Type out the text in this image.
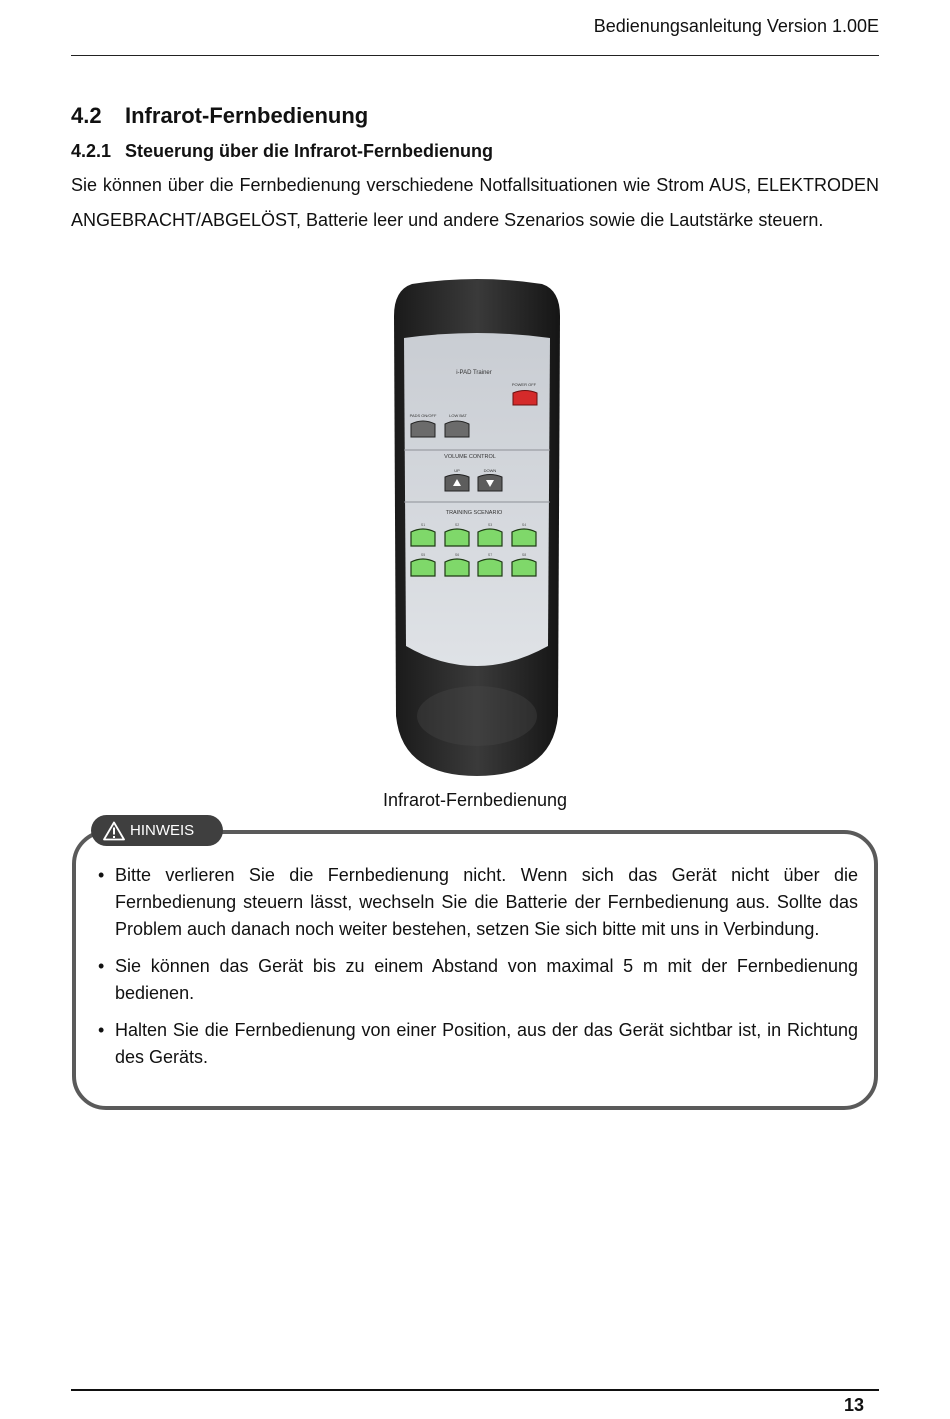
Bedienungsanleitung Version 1.00E
4.2 Infrarot-Fernbedienung
4.2.1 Steuerung über die Infrarot-Fernbedienung

Sie können über die Fernbedienung verschiedene Notfallsituationen wie Strom AUS, ELEKTRODEN ANGEBRACHT/ABGELÖST, Batterie leer und andere Szenarios sowie die Lautstärke steuern.

i-PAD Trainer
POWER OFF
PADS ON/OFF	LOW BAT
VOLUME CONTROL
UP	DOWN
TRAINING SCENARIO
S1	S2	S3	S4
S5	S6	S7	S8
Infrarot-Fernbedienung
HINWEIS
• Bitte verlieren Sie die Fernbedienung nicht. Wenn sich das Gerät nicht über die Fernbedienung steuern lässt, wechseln Sie die Batterie der Fernbedienung aus. Sollte das Problem auch danach noch weiter bestehen, setzen Sie sich bitte mit uns in Verbindung.
• Sie können das Gerät bis zu einem Abstand von maximal 5 m mit der Fernbedienung bedienen.
• Halten Sie die Fernbedienung von einer Position, aus der das Gerät sichtbar ist, in Richtung des Geräts.
13
